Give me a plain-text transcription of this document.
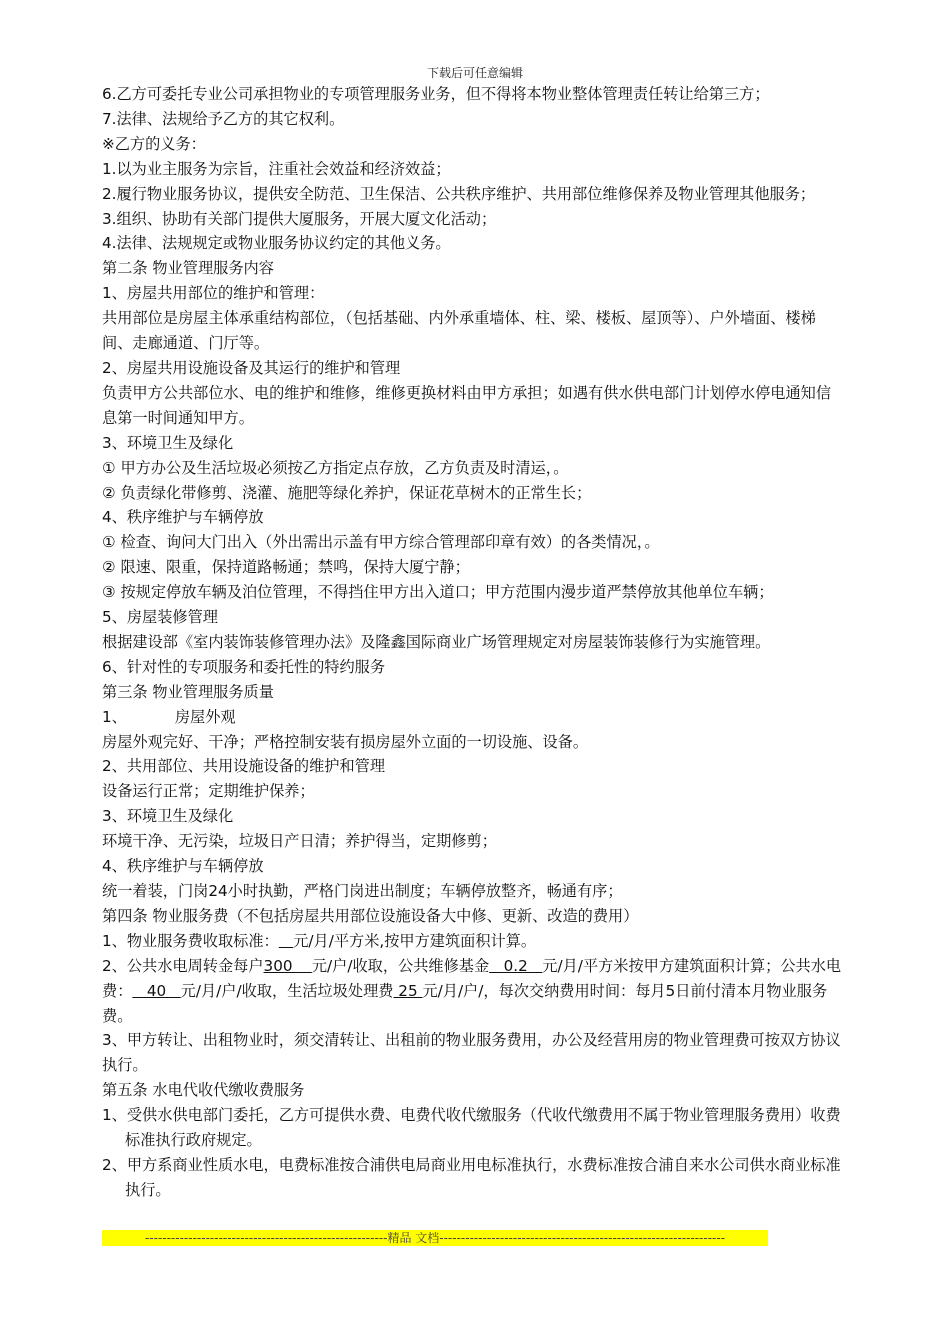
下载后可任意编辑
6.乙方可委托专业公司承担物业的专项管理服务业务，但不得将本物业整体管理责任转让给第三方；
7.法律、法规给予乙方的其它权利。
※乙方的义务：
1.以为业主服务为宗旨，注重社会效益和经济效益；
2.履行物业服务协议，提供安全防范、卫生保洁、公共秩序维护、共用部位维修保养及物业管理其他服务；
3.组织、协助有关部门提供大厦服务，开展大厦文化活动；
4.法律、法规规定或物业服务协议约定的其他义务。
第二条 物业管理服务内容
1、房屋共用部位的维护和管理：
共用部位是房屋主体承重结构部位，（包括基础、内外承重墙体、柱、梁、楼板、屋顶等）、户外墙面、楼梯间、走廊通道、门厅等。
2、房屋共用设施设备及其运行的维护和管理
负责甲方公共部位水、电的维护和维修，维修更换材料由甲方承担；如遇有供水供电部门计划停水停电通知信息第一时间通知甲方。
3、环境卫生及绿化
① 甲方办公及生活垃圾必须按乙方指定点存放，乙方负责及时清运，。
② 负责绿化带修剪、浇灌、施肥等绿化养护，保证花草树木的正常生长；
4、秩序维护与车辆停放
① 检查、询问大门出入（外出需出示盖有甲方综合管理部印章有效）的各类情况，。
② 限速、限重，保持道路畅通；禁鸣，保持大厦宁静；
③ 按规定停放车辆及泊位管理，不得挡住甲方出入道口；甲方范围内漫步道严禁停放其他单位车辆；
5、房屋装修管理
根据建设部《室内装饰装修管理办法》及隆鑫国际商业广场管理规定对房屋装饰装修行为实施管理。
6、针对性的专项服务和委托性的特约服务
第三条 物业管理服务质量
1、	房屋外观
房屋外观完好、干净；严格控制安装有损房屋外立面的一切设施、设备。
2、共用部位、共用设施设备的维护和管理
设备运行正常；定期维护保养；
3、环境卫生及绿化
环境干净、无污染，垃圾日产日清；养护得当，定期修剪；
4、秩序维护与车辆停放
统一着装，门岗24小时执勤，严格门岗进出制度；车辆停放整齐，畅通有序；
第四条 物业服务费（不包括房屋共用部位设施设备大中修、更新、改造的费用）
1、物业服务费收取标准： 元/月/平方米,按甲方建筑面积计算。
2、公共水电周转金每户300    元/户/收取，公共维修基金   0.2   元/月/平方米按甲方建筑面积计算；公共水电费：   40   元/月/户/收取，生活垃圾处理费 25 元/月/户/，每次交纳费用时间：每月5日前付清本月物业服务费。
3、甲方转让、出租物业时，须交清转让、出租前的物业服务费用，办公及经营用房的物业管理费可按双方协议执行。
第五条 水电代收代缴收费服务
1、受供水供电部门委托，乙方可提供水费、电费代收代缴服务（代收代缴费用不属于物业管理服务费用）收费标准执行政府规定。
2、甲方系商业性质水电，电费标准按合浦供电局商业用电标准执行，水费标准按合浦自来水公司供水商业标准执行。
--------------------------------------------------------精品 文档------------------------------------------------------------------
